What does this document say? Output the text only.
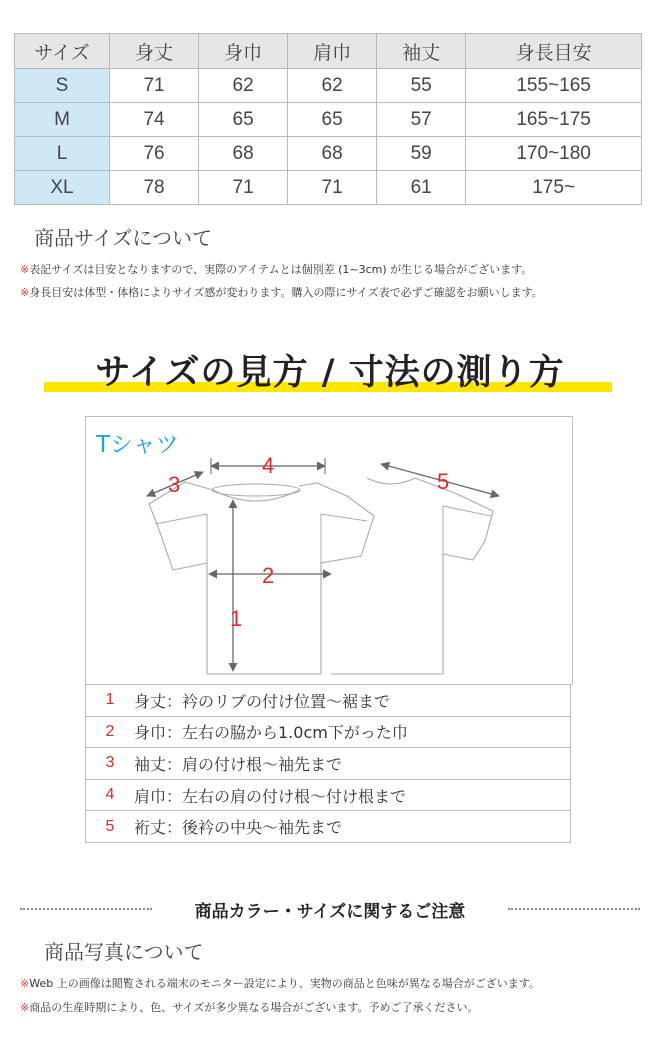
サイズ	身丈	身巾	肩巾	袖丈	身長目安
S	71	62	62	55	155~165
M	74	65	65	57	165~175
L	76	68	68	59	170~180
XL	78	71	71	61	175~
商品サイズについて
※表記サイズは目安となりますので、実際のアイテムとは個別差 (1~3cm) が生じる場合がございます。
※身長目安は体型・体格によりサイズ感が変わります。購入の際にサイズ表で必ずご確認をお願いします。
サイズの見方 / 寸法の測り方
Tシャツ
1
2
3
4
5
1	身丈：衿のリブの付け位置〜裾まで
2	身巾：左右の脇から1.0cm下がった巾
3	袖丈：肩の付け根〜袖先まで
4	肩巾：左右の肩の付け根〜付け根まで
5	裄丈：後衿の中央〜袖先まで
商品カラー・サイズに関するご注意
商品写真について
※Web 上の画像は閲覧される端末のモニター設定により、実物の商品と色味が異なる場合がございます。
※商品の生産時期により、色、サイズが多少異なる場合がございます。予めご了承ください。
